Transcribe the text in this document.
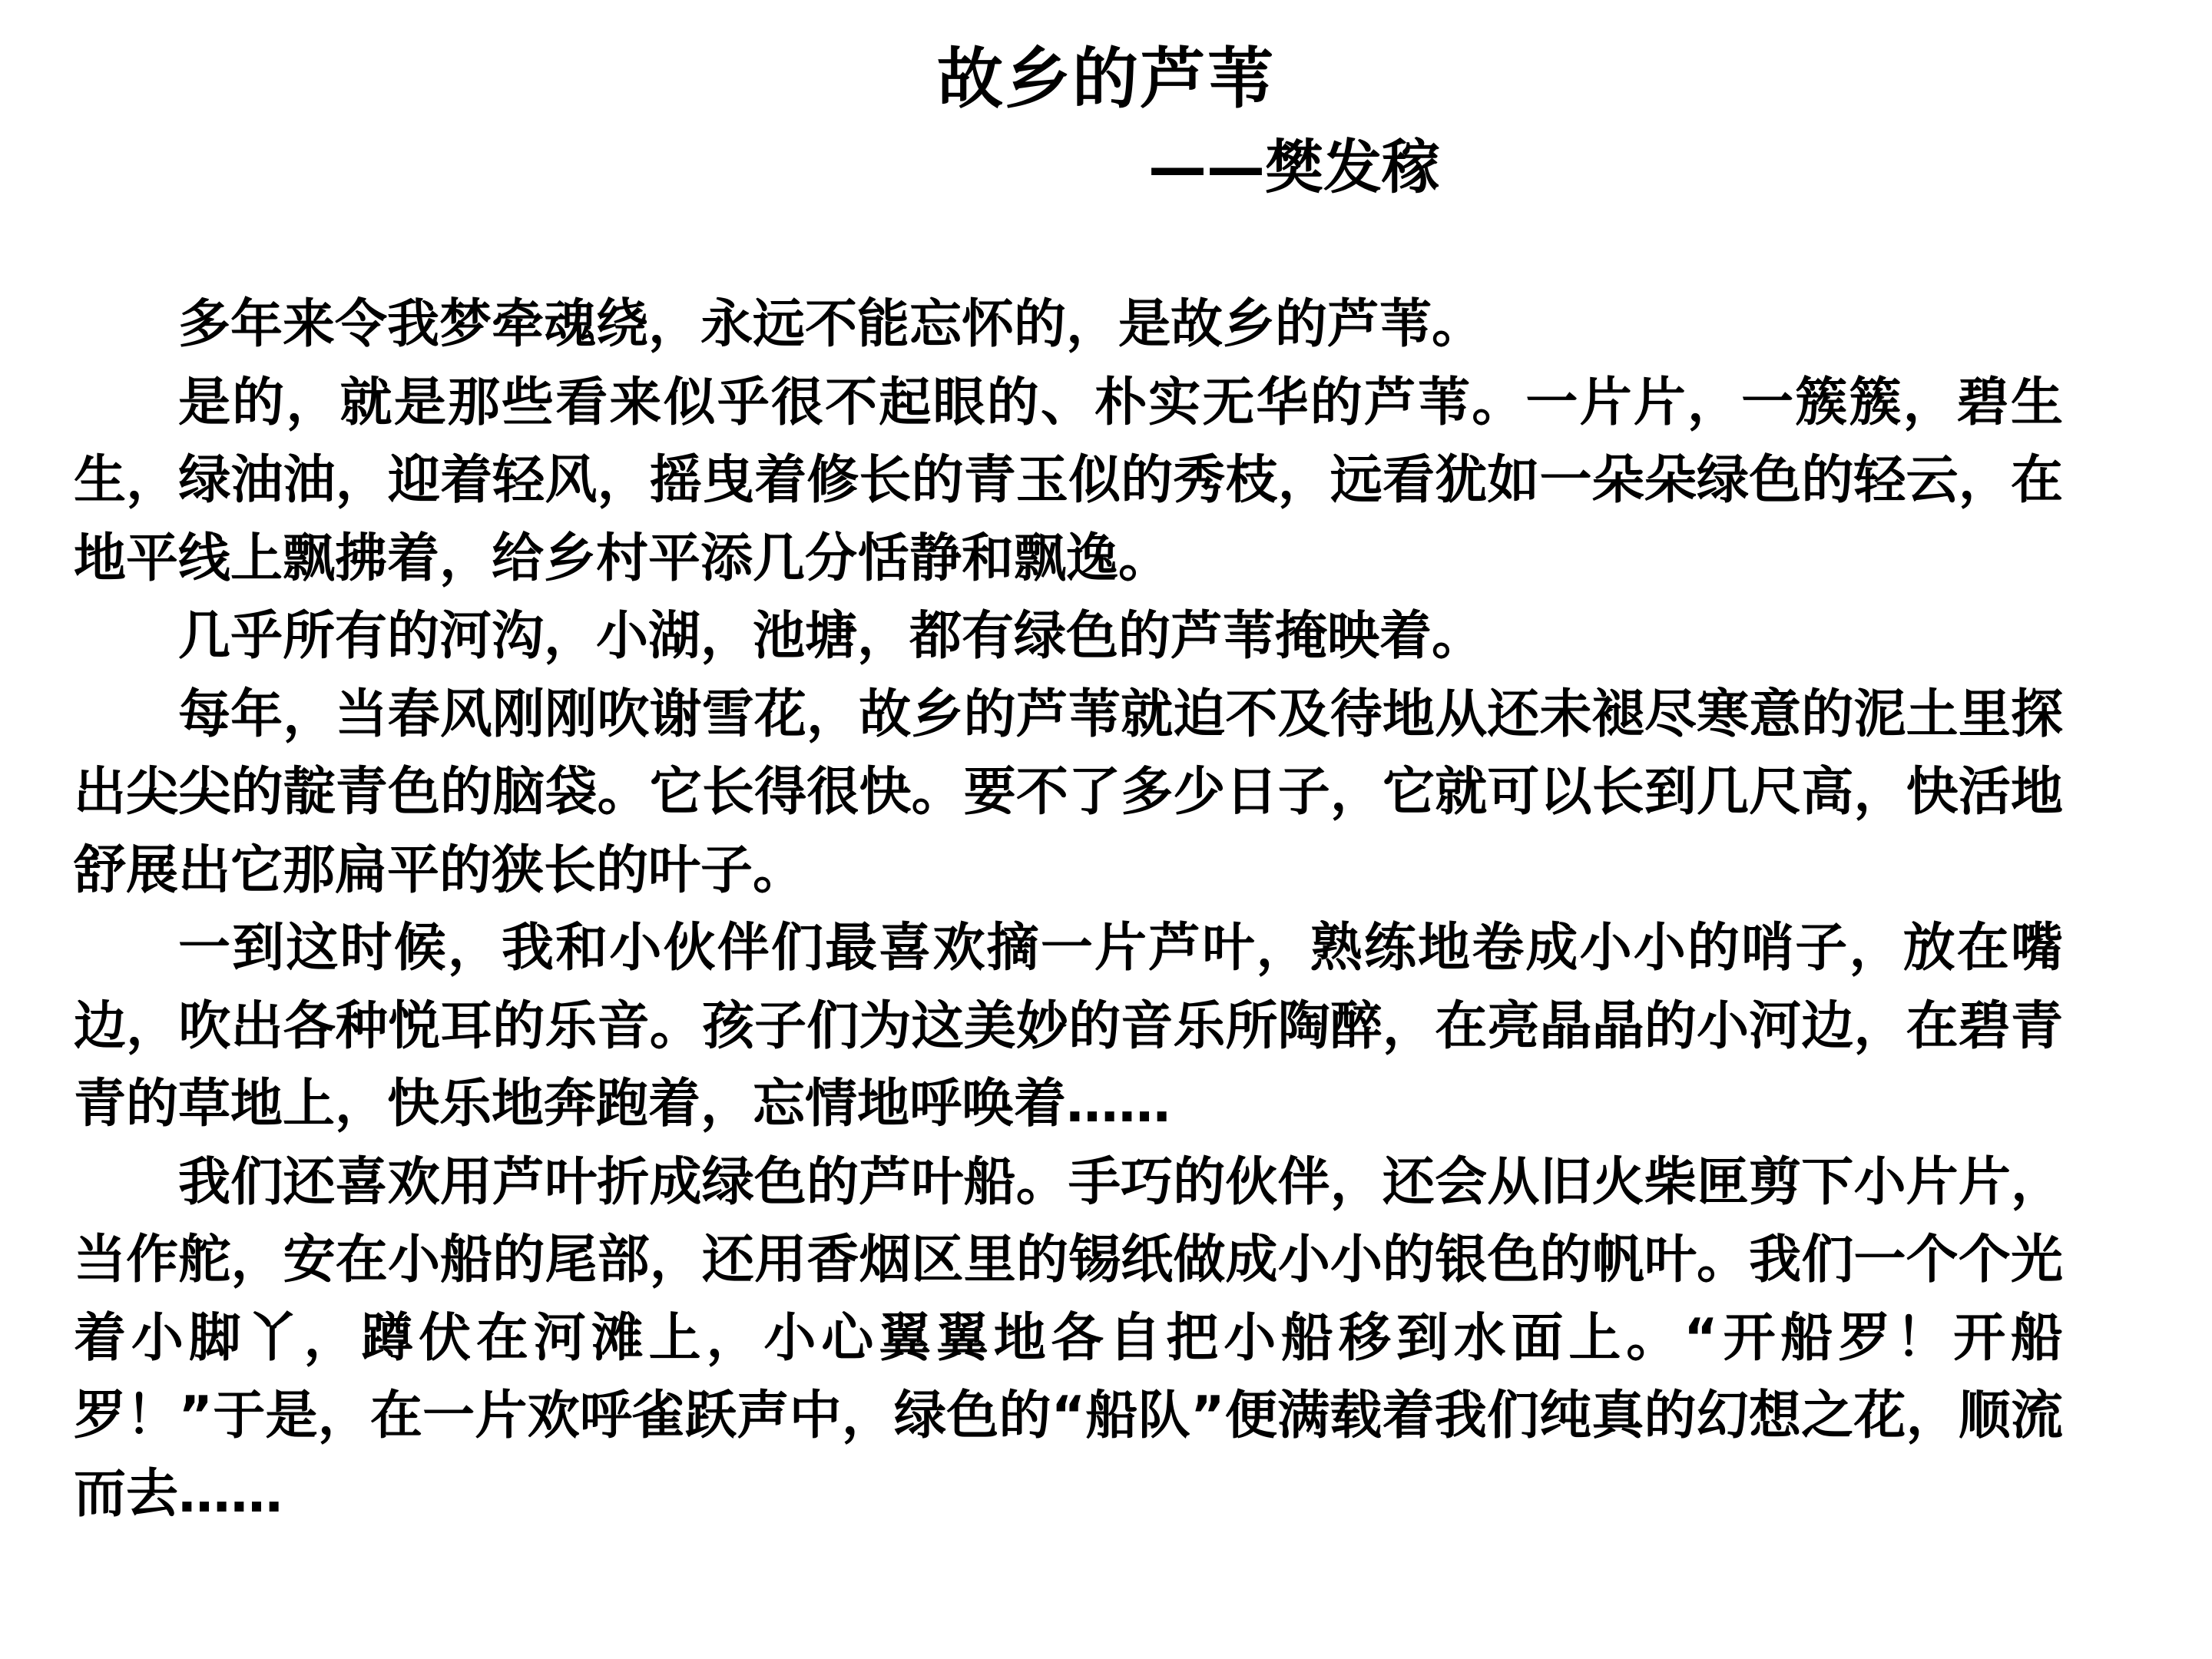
故乡的芦苇
——樊发稼

多年来令我梦牵魂绕，永远不能忘怀的，是故乡的芦苇。

是的，就是那些看来似乎很不起眼的、朴实无华的芦苇。一片片，一簇簇，碧生生，绿油油，迎着轻风，摇曳着修长的青玉似的秀枝，远看犹如一朵朵绿色的轻云，在地平线上飘拂着，给乡村平添几分恬静和飘逸。

几乎所有的河沟，小湖，池塘，都有绿色的芦苇掩映着。

每年，当春风刚刚吹谢雪花，故乡的芦苇就迫不及待地从还未褪尽寒意的泥土里探出尖尖的靛青色的脑袋。它长得很快。要不了多少日子，它就可以长到几尺高，快活地舒展出它那扁平的狭长的叶子。

一到这时候，我和小伙伴们最喜欢摘一片芦叶，熟练地卷成小小的哨子，放在嘴边，吹出各种悦耳的乐音。孩子们为这美妙的音乐所陶醉，在亮晶晶的小河边，在碧青青的草地上，快乐地奔跑着，忘情地呼唤着……

我们还喜欢用芦叶折成绿色的芦叶船。手巧的伙伴，还会从旧火柴匣剪下小片片，当作舵，安在小船的尾部，还用香烟区里的锡纸做成小小的银色的帆叶。我们一个个光着小脚丫，蹲伏在河滩上，小心翼翼地各自把小船移到水面上。“开船罗！开船罗！”于是，在一片欢呼雀跃声中，绿色的“船队”便满载着我们纯真的幻想之花，顺流而去……
